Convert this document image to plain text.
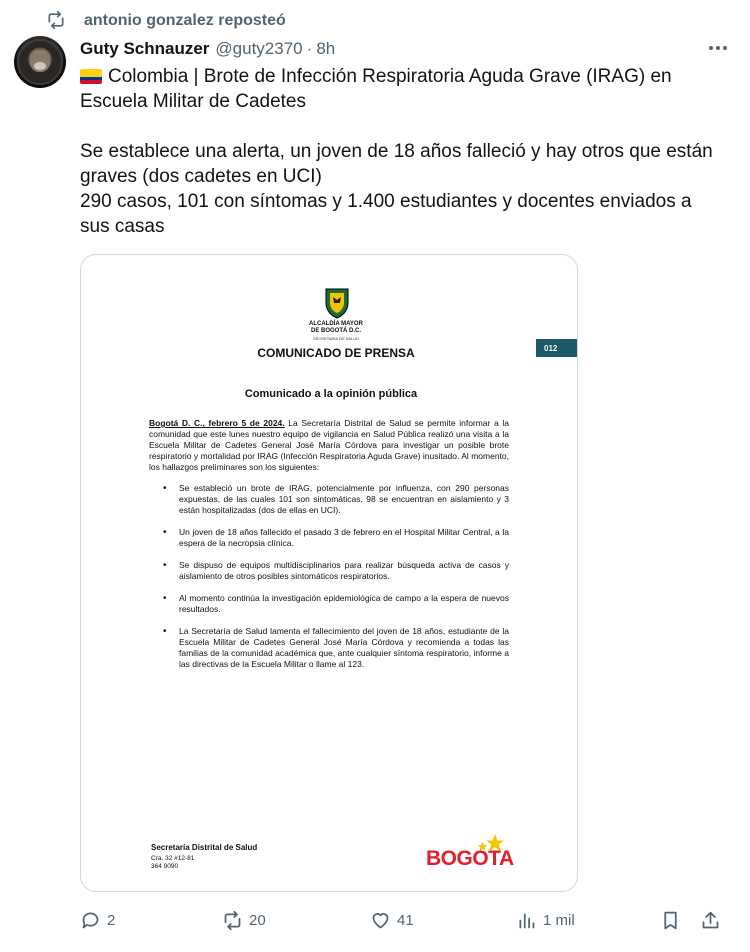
antonio gonzalez reposteó
Guty Schnauzer @guty2370 · 8h

Colombia | Brote de Infección Respiratoria Aguda Grave (IRAG) en Escuela Militar de Cadetes

Se establece una alerta, un joven de 18 años falleció y hay otros que están graves (dos cadetes en UCI)

290 casos, 101 con síntomas y 1.400 estudiantes y docentes enviados a sus casas

ALCALDÍA MAYOR
DE BOGOTÁ D.C.
SECRETARÍA DE SALUD
COMUNICADO DE PRENSA	012
Comunicado a la opinión pública
Bogotá D. C., febrero 5 de 2024. La Secretaría Distrital de Salud se permite informar a la comunidad que este lunes nuestro equipo de vigilancia en Salud Pública realizó una visita a la Escuela Militar de Cadetes General José María Córdova para investigar un posible brote respiratorio y mortalidad por IRAG (Infección Respiratoria Aguda Grave) inusitado. Al momento, los hallazgos preliminares son los siguientes:
• Se estableció un brote de IRAG, potencialmente por influenza, con 290 personas expuestas, de las cuales 101 son sintomáticas, 98 se encuentran en aislamiento y 3 están hospitalizadas (dos de ellas en UCI).
• Un joven de 18 años fallecido el pasado 3 de febrero en el Hospital Militar Central, a la espera de la necropsia clínica.
• Se dispuso de equipos multidisciplinarios para realizar búsqueda activa de casos y aislamiento de otros posibles sintomáticos respiratorios.
• Al momento continúa la investigación epidemiológica de campo a la espera de nuevos resultados.
• La Secretaría de Salud lamenta el fallecimiento del joven de 18 años, estudiante de la Escuela Militar de Cadetes General José María Córdova y recomienda a todas las familias de la comunidad académica que, ante cualquier síntoma respiratorio, informe a las directivas de la Escuela Militar o llame al 123.
Secretaría Distrital de Salud
Cra. 32 #12-81
364 9090	BOGOTA
2	20	41	1 mil
